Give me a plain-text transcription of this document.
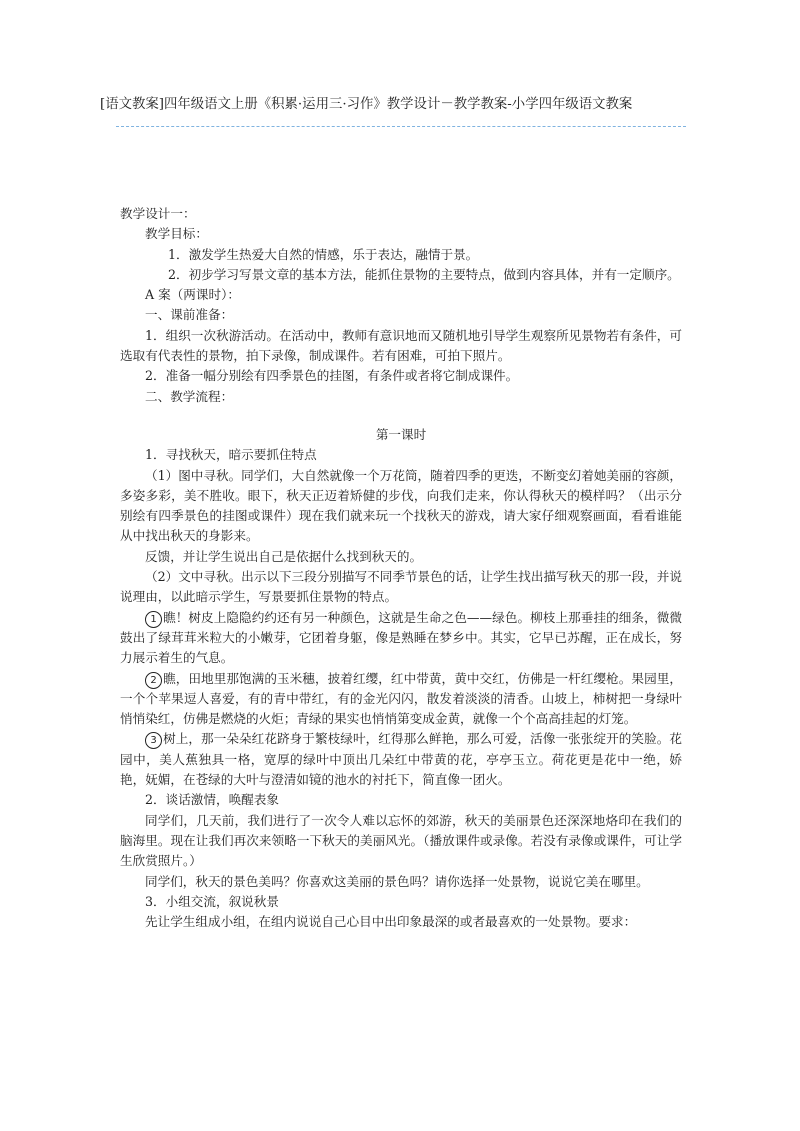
[语文教案]四年级语文上册《积累·运用三·习作》教学设计－教学教案-小学四年级语文教案

教学设计一：

教学目标：

1．激发学生热爱大自然的情感，乐于表达，融情于景。

2．初步学习写景文章的基本方法，能抓住景物的主要特点，做到内容具体，并有一定顺序。

A 案（两课时）：

一、课前准备：

1．组织一次秋游活动。在活动中，教师有意识地而又随机地引导学生观察所见景物若有条件，可选取有代表性的景物，拍下录像，制成课件。若有困难，可拍下照片。

2．准备一幅分别绘有四季景色的挂图，有条件或者将它制成课件。

二、教学流程：

第一课时

1．寻找秋天，暗示要抓住特点

（1）图中寻秋。同学们，大自然就像一个万花筒，随着四季的更迭，不断变幻着她美丽的容颜，多姿多彩，美不胜收。眼下，秋天正迈着矫健的步伐，向我们走来，你认得秋天的模样吗？（出示分别绘有四季景色的挂图或课件）现在我们就来玩一个找秋天的游戏，请大家仔细观察画面，看看谁能从中找出秋天的身影来。

反馈，并让学生说出自己是依据什么找到秋天的。

（2）文中寻秋。出示以下三段分别描写不同季节景色的话，让学生找出描写秋天的那一段，并说说理由，以此暗示学生，写景要抓住景物的特点。

1 瞧！树皮上隐隐约约还有另一种颜色，这就是生命之色——绿色。柳枝上那垂挂的细条，微微鼓出了绿茸茸米粒大的小嫩芽，它团着身躯，像是熟睡在梦乡中。其实，它早已苏醒，正在成长，努力展示着生的气息。

2 瞧，田地里那饱满的玉米穗，披着红缨，红中带黄，黄中交红，仿佛是一杆红缨枪。果园里，一个个苹果逗人喜爱，有的青中带红，有的金光闪闪，散发着淡淡的清香。山坡上，柿树把一身绿叶悄悄染红，仿佛是燃烧的火炬；青绿的果实也悄悄第变成金黄，就像一个个高高挂起的灯笼。

3 树上，那一朵朵红花跻身于繁枝绿叶，红得那么鲜艳，那么可爱，活像一张张绽开的笑脸。花园中，美人蕉独具一格，宽厚的绿叶中顶出几朵红中带黄的花，亭亭玉立。荷花更是花中一绝，娇艳，妩媚，在苍绿的大叶与澄清如镜的池水的衬托下，简直像一团火。

2．谈话激情，唤醒表象

同学们，几天前，我们进行了一次令人难以忘怀的郊游，秋天的美丽景色还深深地烙印在我们的脑海里。现在让我们再次来领略一下秋天的美丽风光。（播放课件或录像。若没有录像或课件，可让学生欣赏照片。）

同学们，秋天的景色美吗？你喜欢这美丽的景色吗？请你选择一处景物，说说它美在哪里。

3．小组交流，叙说秋景

先让学生组成小组，在组内说说自己心目中出印象最深的或者最喜欢的一处景物。要求：
